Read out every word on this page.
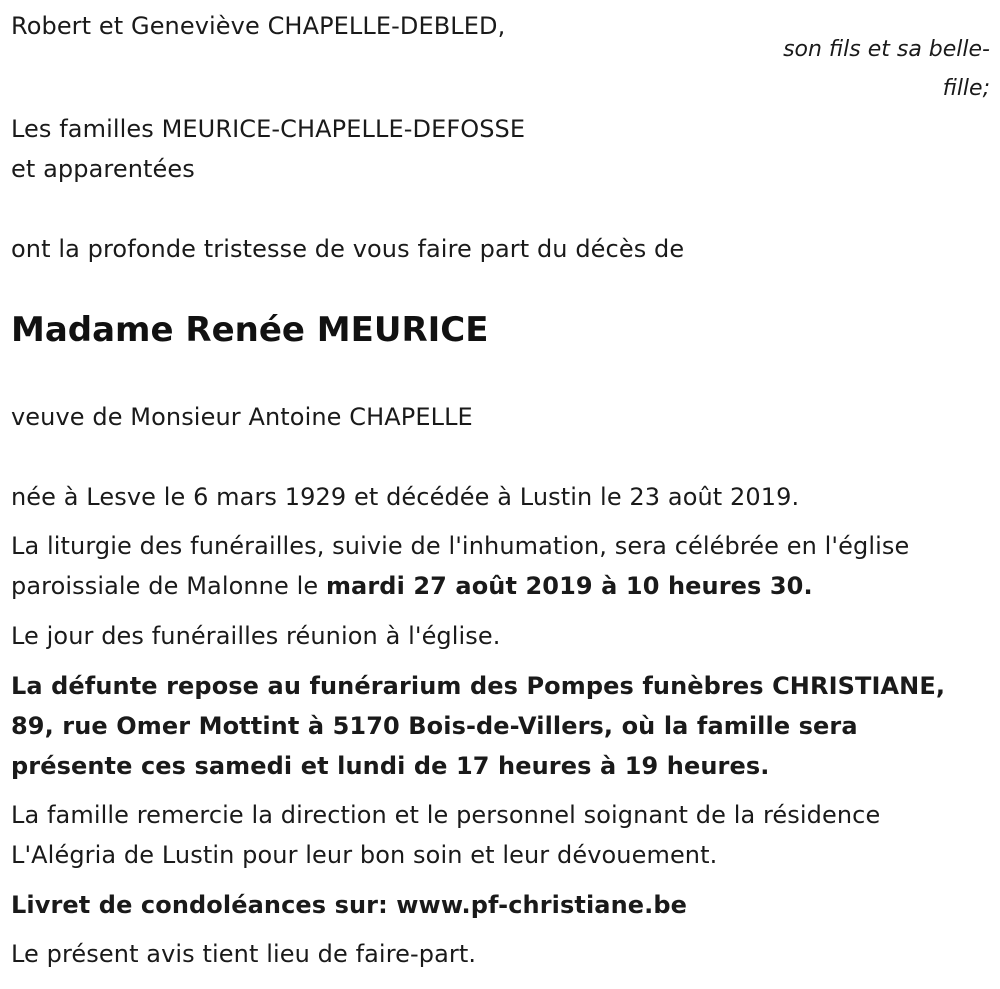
Robert et Geneviève CHAPELLE-DEBLED,
son fils et sa belle-
fille;
Les familles MEURICE-CHAPELLE-DEFOSSE
et apparentées
ont la profonde tristesse de vous faire part du décès de
Madame Renée MEURICE
veuve de Monsieur Antoine CHAPELLE
née à Lesve le 6 mars 1929 et décédée à Lustin le 23 août 2019.
La liturgie des funérailles, suivie de l'inhumation, sera célébrée en l'église
paroissiale de Malonne le mardi 27 août 2019 à 10 heures 30.
Le jour des funérailles réunion à l'église.
La défunte repose au funérarium des Pompes funèbres CHRISTIANE,
89, rue Omer Mottint à 5170 Bois-de-Villers, où la famille sera
présente ces samedi et lundi de 17 heures à 19 heures.
La famille remercie la direction et le personnel soignant de la résidence
L'Alégria de Lustin pour leur bon soin et leur dévouement.
Livret de condoléances sur: www.pf-christiane.be
Le présent avis tient lieu de faire-part.
